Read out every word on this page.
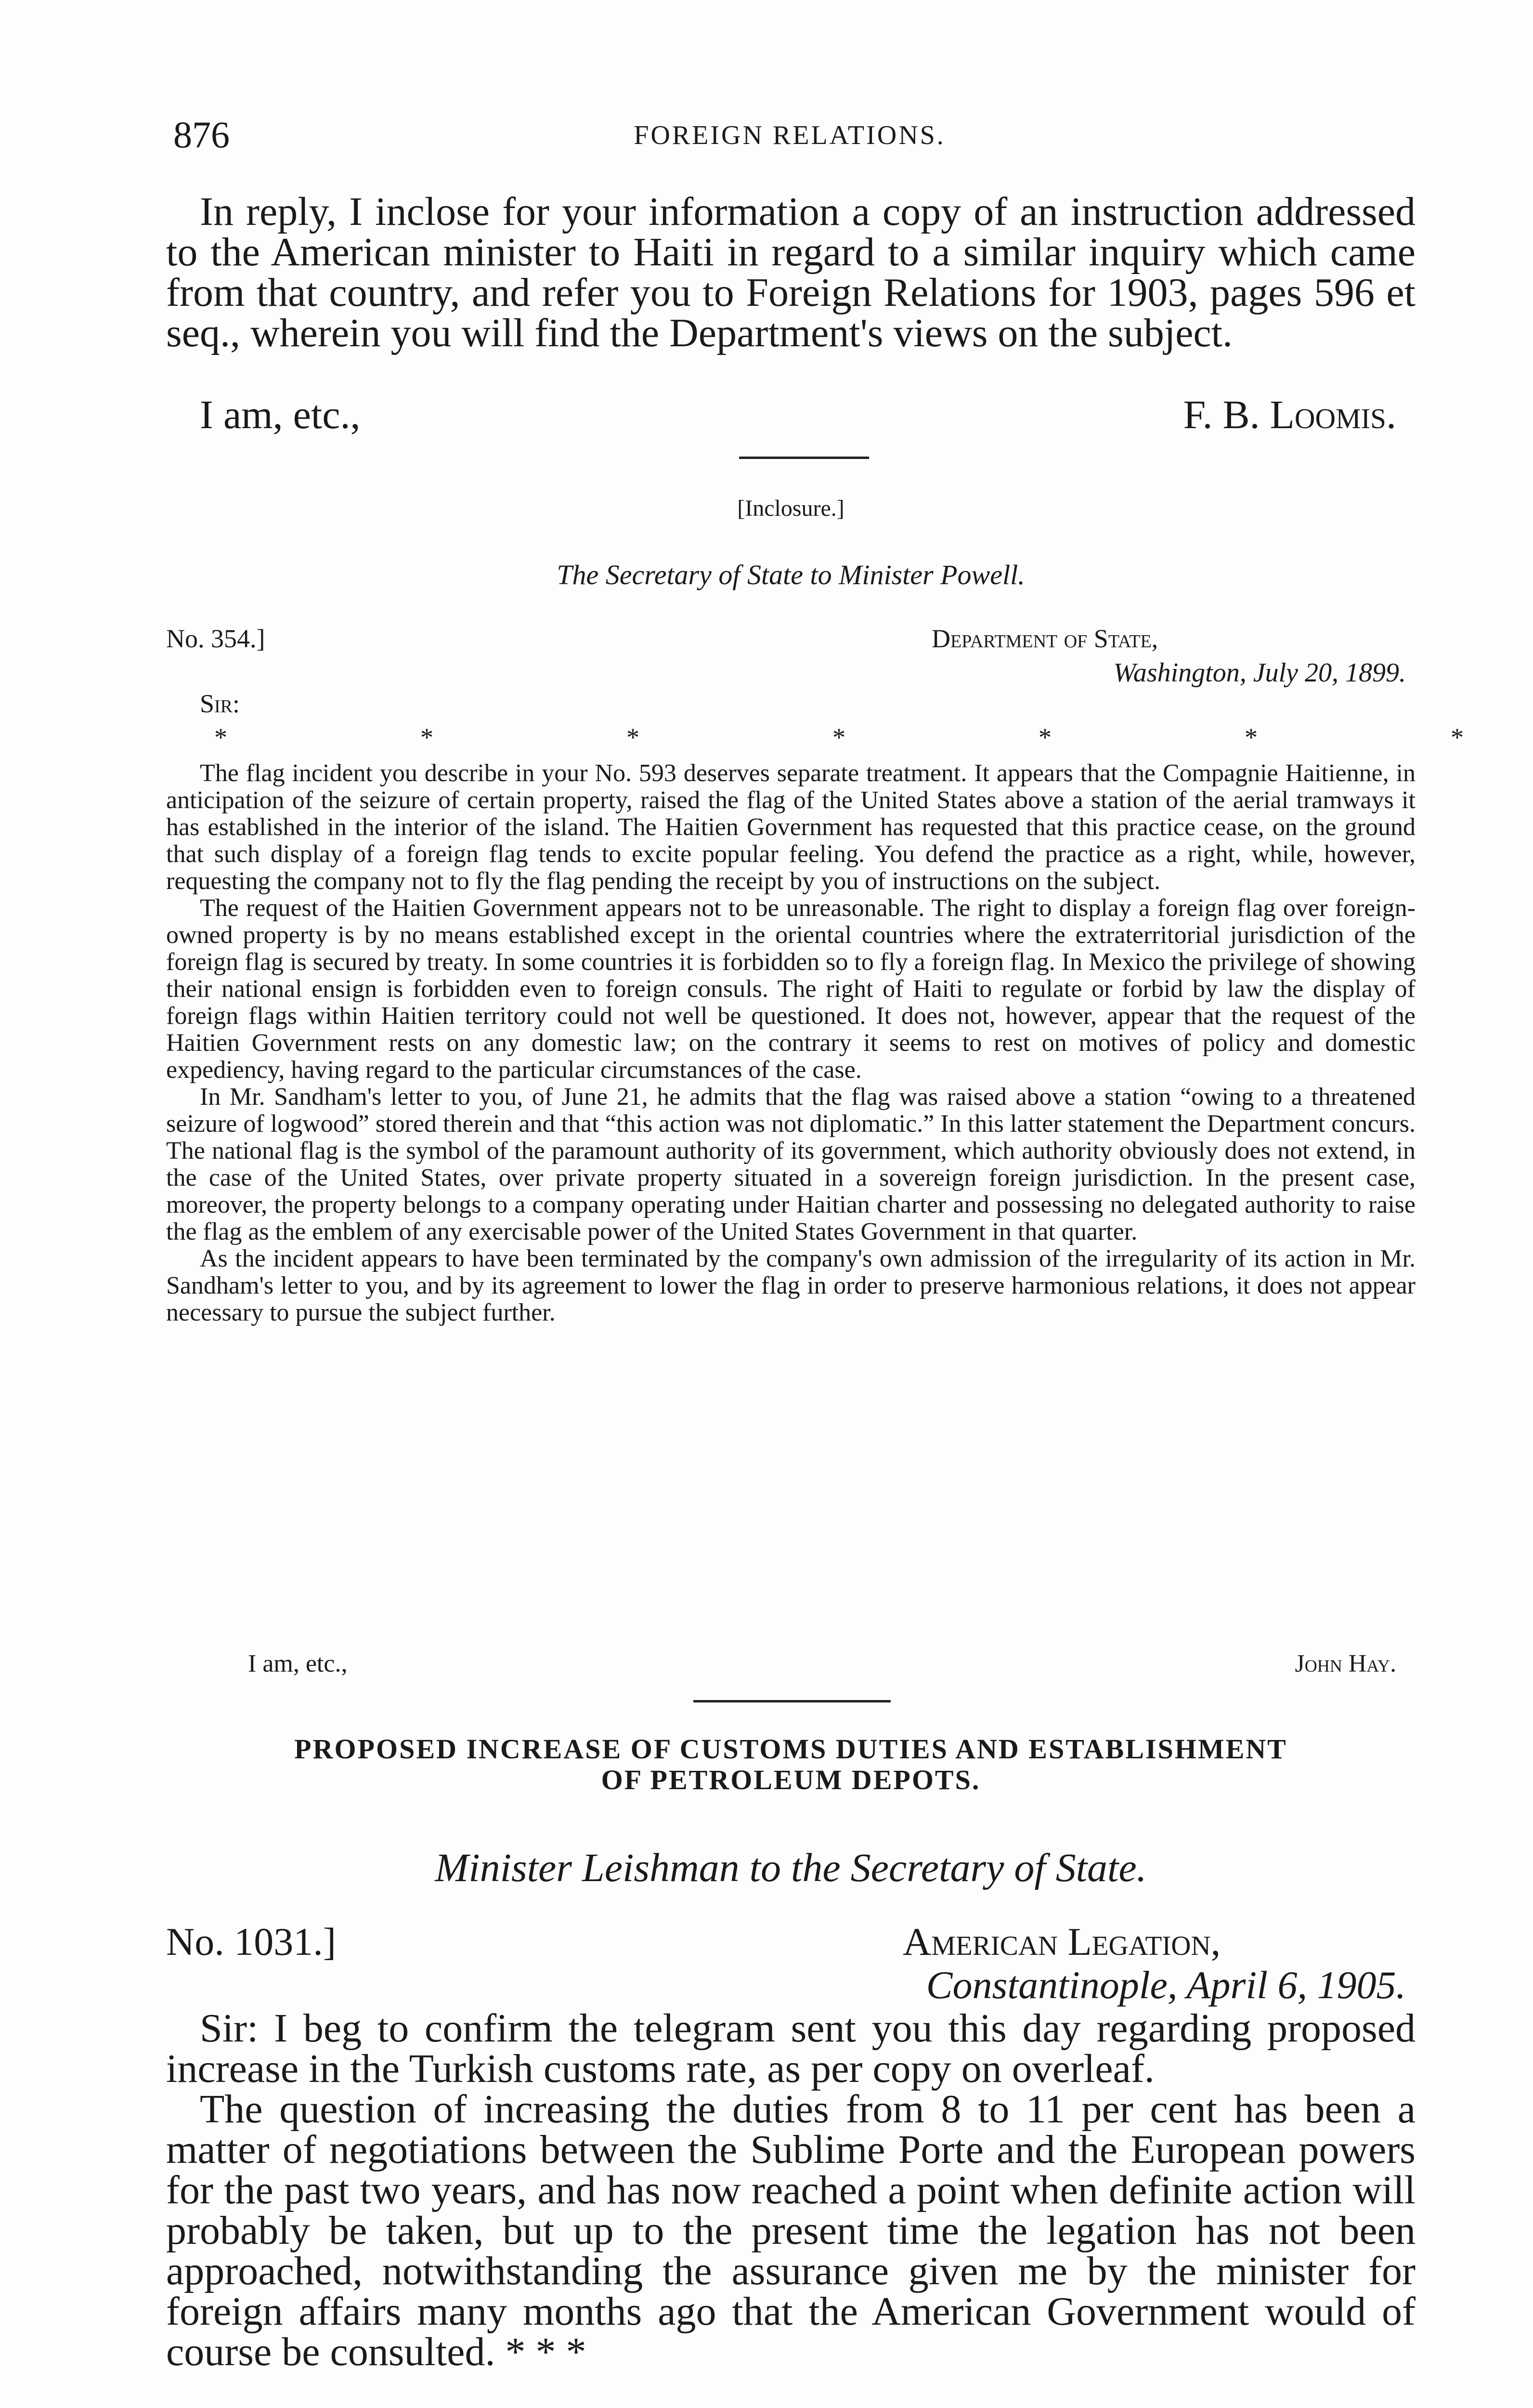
876	FOREIGN RELATIONS.

In reply, I inclose for your information a copy of an instruction addressed to the American minister to Haiti in regard to a similar inquiry which came from that country, and refer you to Foreign Relations for 1903, pages 596 et seq., wherein you will find the Department's views on the subject.

I am, etc.,	F. B. Loomis.
[Inclosure.]
The Secretary of State to Minister Powell.
No. 354.]	Department of State,
Washington, July 20, 1899.
Sir:
*	*	*	*	*	*	*

The flag incident you describe in your No. 593 deserves separate treatment. It appears that the Compagnie Haitienne, in anticipation of the seizure of certain property, raised the flag of the United States above a station of the aerial tramways it has established in the interior of the island. The Haitien Government has requested that this practice cease, on the ground that such display of a foreign flag tends to excite popular feeling. You defend the practice as a right, while, however, requesting the company not to fly the flag pending the receipt by you of instructions on the subject.

The request of the Haitien Government appears not to be unreasonable. The right to display a foreign flag over foreign-owned property is by no means established except in the oriental countries where the extraterritorial jurisdiction of the foreign flag is secured by treaty. In some countries it is forbidden so to fly a foreign flag. In Mexico the privilege of showing their national ensign is forbidden even to foreign consuls. The right of Haiti to regulate or forbid by law the display of foreign flags within Haitien territory could not well be questioned. It does not, however, appear that the request of the Haitien Government rests on any domestic law; on the contrary it seems to rest on motives of policy and domestic expediency, having regard to the particular circumstances of the case.

In Mr. Sandham's letter to you, of June 21, he admits that the flag was raised above a station “owing to a threatened seizure of logwood” stored therein and that “this action was not diplomatic.” In this latter statement the Department concurs. The national flag is the symbol of the paramount authority of its government, which authority obviously does not extend, in the case of the United States, over private property situated in a sovereign foreign jurisdiction. In the present case, moreover, the property belongs to a company operating under Haitian charter and possessing no delegated authority to raise the flag as the emblem of any exercisable power of the United States Government in that quarter.

As the incident appears to have been terminated by the company's own admission of the irregularity of its action in Mr. Sandham's letter to you, and by its agreement to lower the flag in order to preserve harmonious relations, it does not appear necessary to pursue the subject further.

I am, etc.,	John Hay.
PROPOSED INCREASE OF CUSTOMS DUTIES AND ESTABLISHMENT
OF PETROLEUM DEPOTS.
Minister Leishman to the Secretary of State.
No. 1031.]	American Legation,
Constantinople, April 6, 1905.

Sir: I beg to confirm the telegram sent you this day regarding proposed increase in the Turkish customs rate, as per copy on overleaf.

The question of increasing the duties from 8 to 11 per cent has been a matter of negotiations between the Sublime Porte and the European powers for the past two years, and has now reached a point when definite action will probably be taken, but up to the present time the legation has not been approached, notwithstanding the assurance given me by the minister for foreign affairs many months ago that the American Government would of course be consulted. * * *
